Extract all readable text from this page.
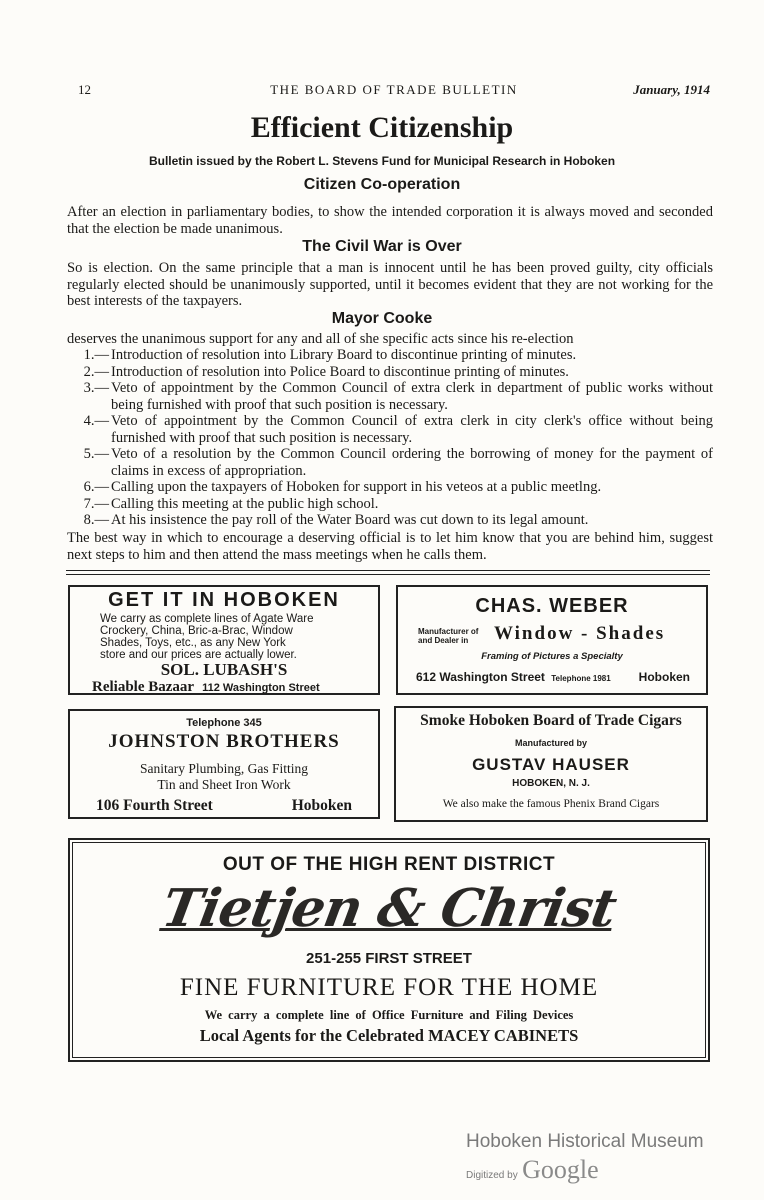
12	THE BOARD OF TRADE BULLETIN	January, 1914
Efficient Citizenship
Bulletin issued by the Robert L. Stevens Fund for Municipal Research in Hoboken
Citizen Co-operation
After an election in parliamentary bodies, to show the intended corporation it is always moved and seconded that the election be made unanimous.
The Civil War is Over
So is election. On the same principle that a man is innocent until he has been proved guilty, city officials regularly elected should be unanimously supported, until it becomes evident that they are not working for the best interests of the taxpayers.
Mayor Cooke
deserves the unanimous support for any and all of she specific acts since his re-election
1.— Introduction of resolution into Library Board to discontinue printing of minutes.
2.— Introduction of resolution into Police Board to discontinue printing of minutes.
3.— Veto of appointment by the Common Council of extra clerk in department of public works without being furnished with proof that such position is necessary.
4.— Veto of appointment by the Common Council of extra clerk in city clerk's office without being furnished with proof that such position is necessary.
5.— Veto of a resolution by the Common Council ordering the borrowing of money for the payment of claims in excess of appropriation.
6.— Calling upon the taxpayers of Hoboken for support in his veteos at a public meetlng.
7.— Calling this meeting at the public high school.
8.— At his insistence the pay roll of the Water Board was cut down to its legal amount.
The best way in which to encourage a deserving official is to let him know that you are behind him, suggest next steps to him and then attend the mass meetings when he calls them.
GET IT IN HOBOKEN
We carry as complete lines of Agate Ware
Crockery, China, Bric-a-Brac, Window
Shades, Toys, etc., as any New York
store and our prices are actually lower.
SOL. LUBASH'S
Reliable Bazaar 112 Washington Street
CHAS. WEBER
Manufacturer of
and Dealer in	Window - Shades
Framing of Pictures a Specialty
612 Washington Street Telephone 1981 Hoboken
Telephone 345
JOHNSTON BROTHERS
Sanitary Plumbing, Gas Fitting
Tin and Sheet Iron Work
106 Fourth Street	Hoboken
Smoke Hoboken Board of Trade Cigars
Manufactured by
GUSTAV HAUSER
HOBOKEN, N. J.
We also make the famous Phenix Brand Cigars
OUT OF THE HIGH RENT DISTRICT
Tietjen & Christ
251-255 FIRST STREET
FINE FURNITURE FOR THE HOME
We carry a complete line of Office Furniture and Filing Devices
Local Agents for the Celebrated MACEY CABINETS
Hoboken Historical Museum
Digitized by Google
